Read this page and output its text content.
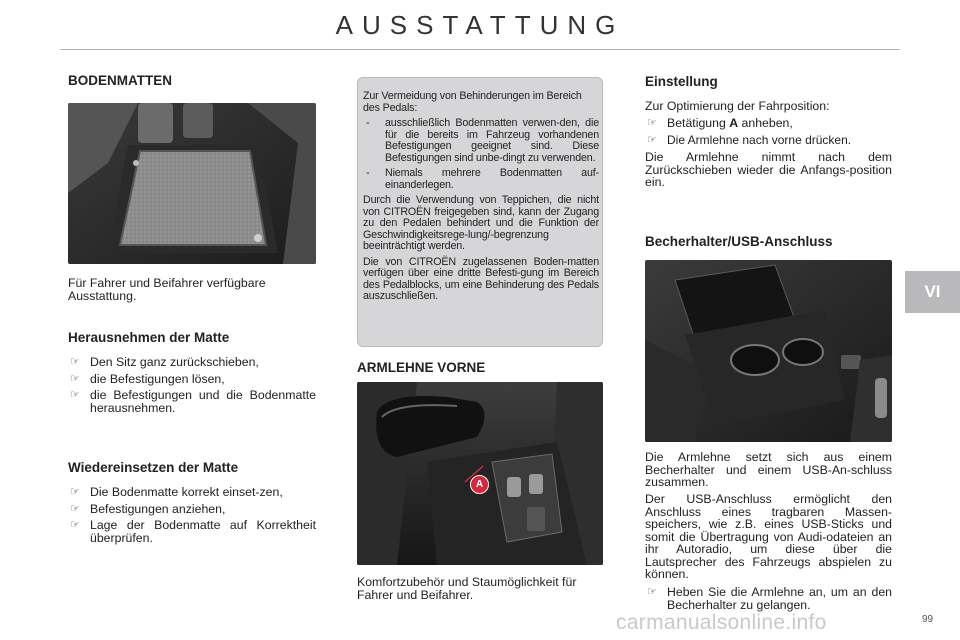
AUSSTATTUNG
VI
BODENMATTEN

Für Fahrer und Beifahrer verfügbare Ausstattung.

Herausnehmen der Matte
☞ Den Sitz ganz zurückschieben,
☞ die Befestigungen lösen,
☞ die Befestigungen und die Bodenmatte herausnehmen.
Wiedereinsetzen der Matte
☞ Die Bodenmatte korrekt einset-zen,
☞ Befestigungen anziehen,
☞ Lage der Bodenmatte auf Korrektheit überprüfen.

Zur Vermeidung von Behinderungen im Bereich des Pedals:

- ausschließlich Bodenmatten verwen-den, die für die bereits im Fahrzeug vorhandenen Befestigungen geeignet sind. Diese Befestigungen sind unbe-dingt zu verwenden.
- Niemals mehrere Bodenmatten auf-einanderlegen.

Durch die Verwendung von Teppichen, die nicht von CITROËN freigegeben sind, kann der Zugang zu den Pedalen behindert und die Funktion der Geschwindigkeitsrege-lung/-begrenzung beeinträchtigt werden.

Die von CITROËN zugelassenen Boden-matten verfügen über eine dritte Befesti-gung im Bereich des Pedalblocks, um eine Behinderung des Pedals auszuschließen.

ARMLEHNE VORNE
A

Komfortzubehör und Staumöglichkeit für Fahrer und Beifahrer.

Einstellung

Zur Optimierung der Fahrposition:

☞ Betätigung A anheben,
☞ Die Armlehne nach vorne drücken.

Die Armlehne nimmt nach dem Zurückschieben wieder die Anfangs-position ein.

Becherhalter/USB-Anschluss

Die Armlehne setzt sich aus einem Becherhalter und einem USB-An-schluss zusammen.

Der USB-Anschluss ermöglicht den Anschluss eines tragbaren Massen-speichers, wie z.B. eines USB-Sticks und somit die Übertragung von Audi-odateien an ihr Autoradio, um diese über die Lautsprecher des Fahrzeugs abspielen zu können.

☞ Heben Sie die Armlehne an, um an den Becherhalter zu gelangen.
carmanualsonline.info	99
